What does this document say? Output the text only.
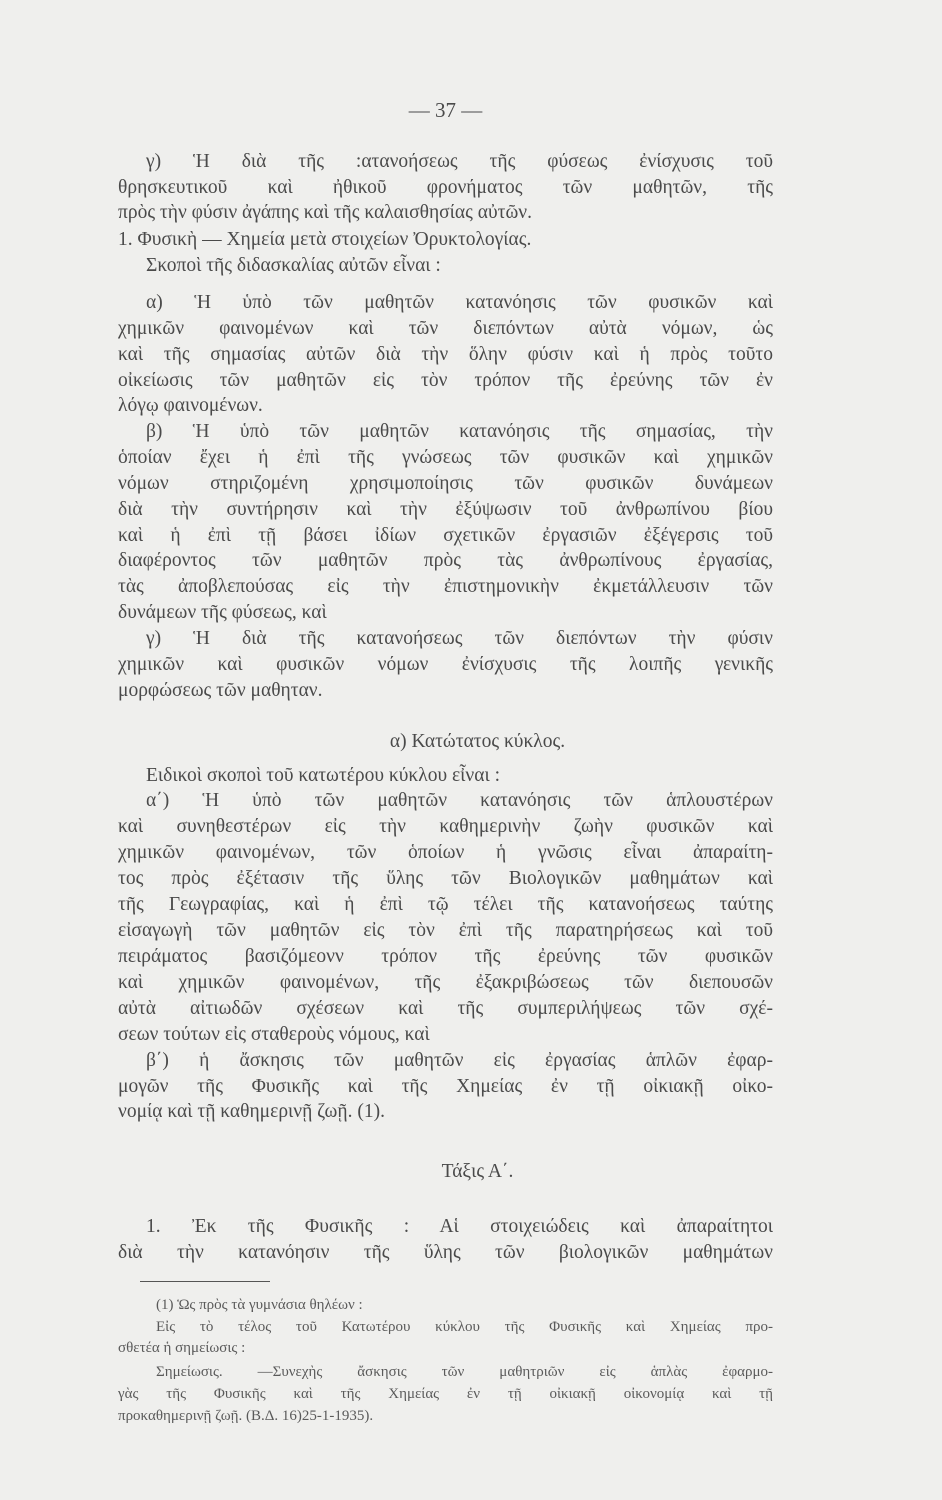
— 37 —
γ) Ἡ διὰ τῆς :ατανοήσεως τῆς φύσεως ἐνίσχυσις τοῦ
θρησκευτικοῦ καὶ ἠθικοῦ φρονήματος τῶν μαθητῶν, τῆς
πρὸς τὴν φύσιν ἀγάπης καὶ τῆς καλαισθησίας αὐτῶν.
1. Φυσικὴ — Χημεία μετὰ στοιχείων Ὀρυκτολογίας.
Σκοποὶ τῆς διδασκαλίας αὐτῶν εἶναι :
α) Ἡ ὑπὸ τῶν μαθητῶν κατανόησις τῶν φυσικῶν καὶ
χημικῶν φαινομένων καὶ τῶν διεπόντων αὐτὰ νόμων, ὡς
καὶ τῆς σημασίας αὐτῶν διὰ τὴν ὅλην φύσιν καὶ ἡ πρὸς τοῦτο
οἰκείωσις τῶν μαθητῶν εἰς τὸν τρόπον τῆς ἐρεύνης τῶν ἐν
λόγῳ φαινομένων.
β) Ἡ ὑπὸ τῶν μαθητῶν κατανόησις τῆς σημασίας, τὴν
ὁποίαν ἔχει ἡ ἐπὶ τῆς γνώσεως τῶν φυσικῶν καὶ χημικῶν
νόμων στηριζομένη χρησιμοποίησις τῶν φυσικῶν δυνάμεων
διὰ τὴν συντήρησιν καὶ τὴν ἐξύψωσιν τοῦ ἀνθρωπίνου βίου
καὶ ἡ ἐπὶ τῇ βάσει ἰδίων σχετικῶν ἐργασιῶν ἐξέγερσις τοῦ
διαφέροντος τῶν μαθητῶν πρὸς τὰς ἀνθρωπίνους ἐργασίας,
τὰς ἀποβλεπούσας εἰς τὴν ἐπιστημονικὴν ἐκμετάλλευσιν τῶν
δυνάμεων τῆς φύσεως, καὶ
γ) Ἡ διὰ τῆς κατανοήσεως τῶν διεπόντων τὴν φύσιν
χημικῶν καὶ φυσικῶν νόμων ἐνίσχυσις τῆς λοιπῆς γενικῆς
μορφώσεως τῶν μαθηταν.
α) Κατώτατος κύκλος.
Ειδικοὶ σκοποὶ τοῦ κατωτέρου κύκλου εἶναι :
α΄) Ἡ ὑπὸ τῶν μαθητῶν κατανόησις τῶν ἁπλουστέρων
καὶ συνηθεστέρων εἰς τὴν καθημερινὴν ζωὴν φυσικῶν καὶ
χημικῶν φαινομένων, τῶν ὁποίων ἡ γνῶσις εἶναι ἀπαραίτη-
τος πρὸς ἐξέτασιν τῆς ὕλης τῶν Βιολογικῶν μαθημάτων καὶ
τῆς Γεωγραφίας, καὶ ἡ ἐπὶ τῷ τέλει τῆς κατανοήσεως ταύτης
εἰσαγωγὴ τῶν μαθητῶν εἰς τὸν ἐπὶ τῆς παρατηρήσεως καὶ τοῦ
πειράματος βασιζόμεονν τρόπον τῆς ἐρεύνης τῶν φυσικῶν
καὶ χημικῶν φαινομένων, τῆς ἐξακριβώσεως τῶν διεπουσῶν
αὐτὰ αἰτιωδῶν σχέσεων καὶ τῆς συμπεριλήψεως τῶν σχέ-
σεων τούτων εἰς σταθεροὺς νόμους, καὶ
β΄) ἡ ἄσκησις τῶν μαθητῶν εἰς ἐργασίας ἁπλῶν ἐφαρ-
μογῶν τῆς Φυσικῆς καὶ τῆς Χημείας ἐν τῇ οἰκιακῇ οἰκο-
νομίᾳ καὶ τῇ καθημερινῇ ζωῇ. (1).
Τάξις Α΄.
1. Ἐκ τῆς Φυσικῆς : Αἱ στοιχειώδεις καὶ ἀπαραίτητοι
διὰ τὴν κατανόησιν τῆς ὕλης τῶν βιολογικῶν μαθημάτων
(1) Ὡς πρὸς τὰ γυμνάσια θηλέων :
Εἰς τὸ τέλος τοῦ Κατωτέρου κύκλου τῆς Φυσικῆς καὶ Χημείας προ-
σθετέα ἡ σημείωσις :
Σημείωσις. —Συνεχὴς ἄσκησις τῶν μαθητριῶν εἰς ἁπλὰς ἐφαρμο-
γὰς τῆς Φυσικῆς καὶ τῆς Χημείας ἐν τῇ οἰκιακῇ οἰκονομίᾳ καὶ τῇ
προκαθημερινῇ ζωῇ. (Β.Δ. 16)25-1-1935).
